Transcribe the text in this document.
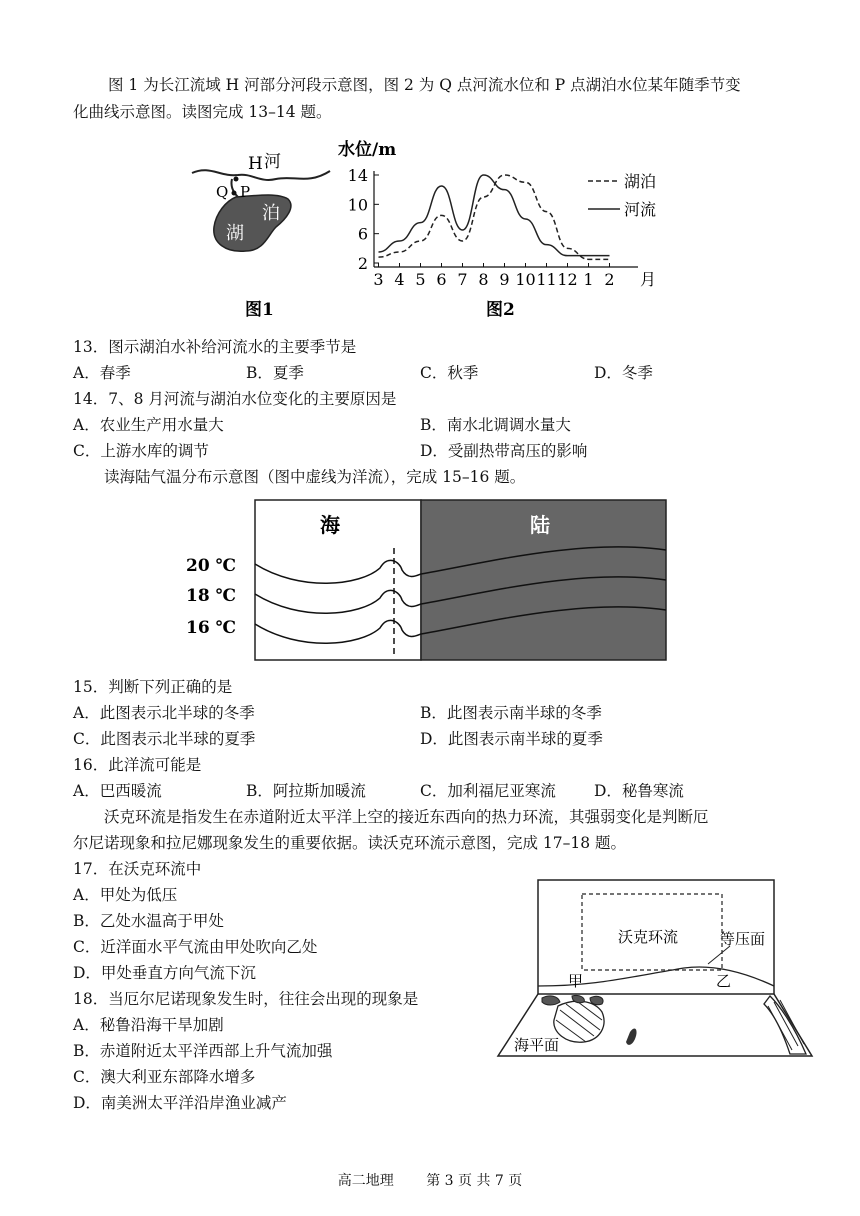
图 1 为长江流域 H 河部分河段示意图，图 2 为 Q 点河流水位和 P 点湖泊水位某年随季节变
化曲线示意图。读图完成 13–14 题。
H 河
Q P
湖
泊
图1
水位/m
14
10
6
2
3 4 5 6 7 8 9 10 11 12 1 2 月
湖泊
河流
图2
13．图示湖泊水补给河流水的主要季节是
A．春季	B．夏季	C．秋季	D．冬季
14．7、8 月河流与湖泊水位变化的主要原因是
A．农业生产用水量大	B．南水北调调水量大
C．上游水库的调节	D．受副热带高压的影响
读海陆气温分布示意图（图中虚线为洋流），完成 15–16 题。
海	陆
20 ℃
18 ℃
16 ℃
15．判断下列正确的是
A．此图表示北半球的冬季	B．此图表示南半球的冬季
C．此图表示北半球的夏季	D．此图表示南半球的夏季
16．此洋流可能是
A．巴西暖流	B．阿拉斯加暖流	C．加利福尼亚寒流 D．秘鲁寒流
沃克环流是指发生在赤道附近太平洋上空的接近东西向的热力环流，其强弱变化是判断厄
尔尼诺现象和拉尼娜现象发生的重要依据。读沃克环流示意图，完成 17–18 题。
17．在沃克环流中
A．甲处为低压
B．乙处水温高于甲处
C．近洋面水平气流由甲处吹向乙处
D．甲处垂直方向气流下沉
18．当厄尔尼诺现象发生时，往往会出现的现象是
A．秘鲁沿海干旱加剧
B．赤道附近太平洋西部上升气流加强
C．澳大利亚东部降水增多
D．南美洲太平洋沿岸渔业减产
沃克环流	等压面
甲	乙
海平面
高二地理 第 3 页 共 7 页
